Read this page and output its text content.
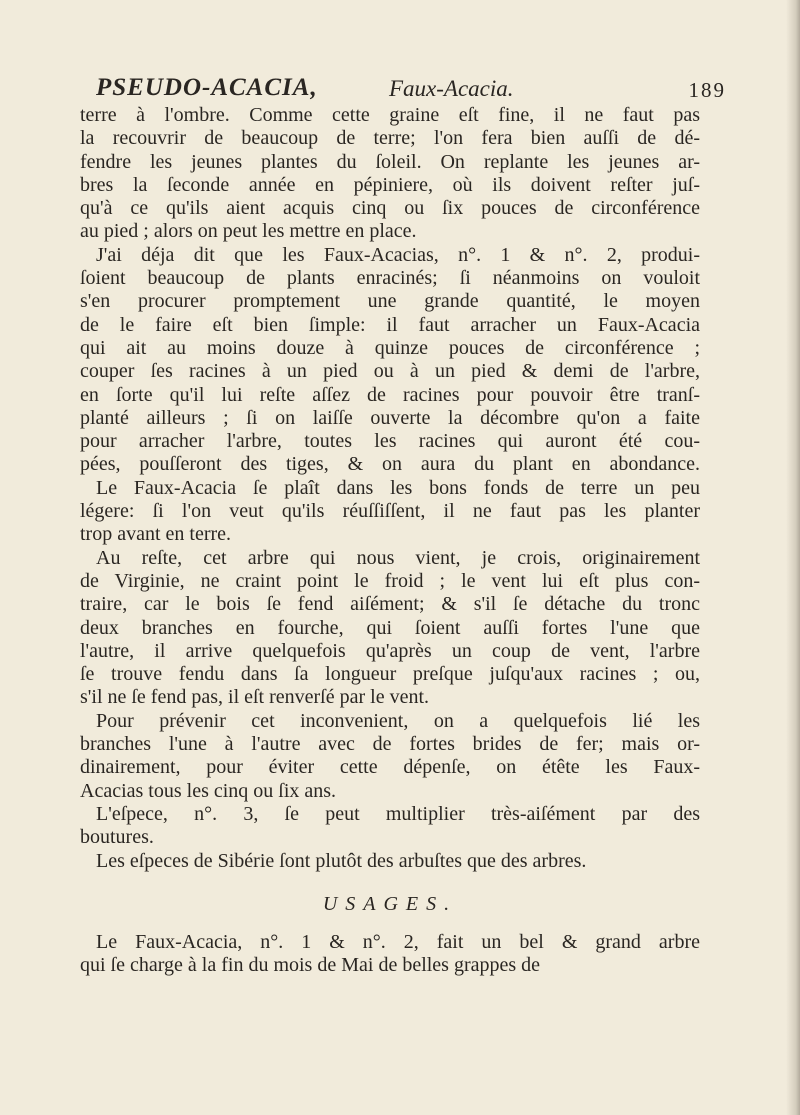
PSEUDO-ACACIA,	Faux-Acacia.	189
terre à l'ombre. Comme cette graine eſt fine, il ne faut pas
la recouvrir de beaucoup de terre; l'on fera bien auſſi de dé-
fendre les jeunes plantes du ſoleil. On replante les jeunes ar-
bres la ſeconde année en pépiniere, où ils doivent reſter juſ-
qu'à ce qu'ils aient acquis cinq ou ſix pouces de circonférence
au pied ; alors on peut les mettre en place.
J'ai déja dit que les Faux-Acacias, n°. 1 & n°. 2, produi-
ſoient beaucoup de plants enracinés; ſi néanmoins on vouloit
s'en procurer promptement une grande quantité, le moyen
de le faire eſt bien ſimple: il faut arracher un Faux-Acacia
qui ait au moins douze à quinze pouces de circonférence ;
couper ſes racines à un pied ou à un pied & demi de l'arbre,
en ſorte qu'il lui reſte aſſez de racines pour pouvoir être tranſ-
planté ailleurs ; ſi on laiſſe ouverte la décombre qu'on a faite
pour arracher l'arbre, toutes les racines qui auront été cou-
pées, pouſſeront des tiges, & on aura du plant en abondance.
Le Faux-Acacia ſe plaît dans les bons fonds de terre un peu
légere: ſi l'on veut qu'ils réuſſiſſent, il ne faut pas les planter
trop avant en terre.
Au reſte, cet arbre qui nous vient, je crois, originairement
de Virginie, ne craint point le froid ; le vent lui eſt plus con-
traire, car le bois ſe fend aiſément; & s'il ſe détache du tronc
deux branches en fourche, qui ſoient auſſi fortes l'une que
l'autre, il arrive quelquefois qu'après un coup de vent, l'arbre
ſe trouve fendu dans ſa longueur preſque juſqu'aux racines ; ou,
s'il ne ſe fend pas, il eſt renverſé par le vent.
Pour prévenir cet inconvenient, on a quelquefois lié les
branches l'une à l'autre avec de fortes brides de fer; mais or-
dinairement, pour éviter cette dépenſe, on étête les Faux-
Acacias tous les cinq ou ſix ans.
L'eſpece, n°. 3, ſe peut multiplier très-aiſément par des
boutures.
Les eſpeces de Sibérie ſont plutôt des arbuſtes que des arbres.
USAGES.
Le Faux-Acacia, n°. 1 & n°. 2, fait un bel & grand arbre
qui ſe charge à la fin du mois de Mai de belles grappes de
